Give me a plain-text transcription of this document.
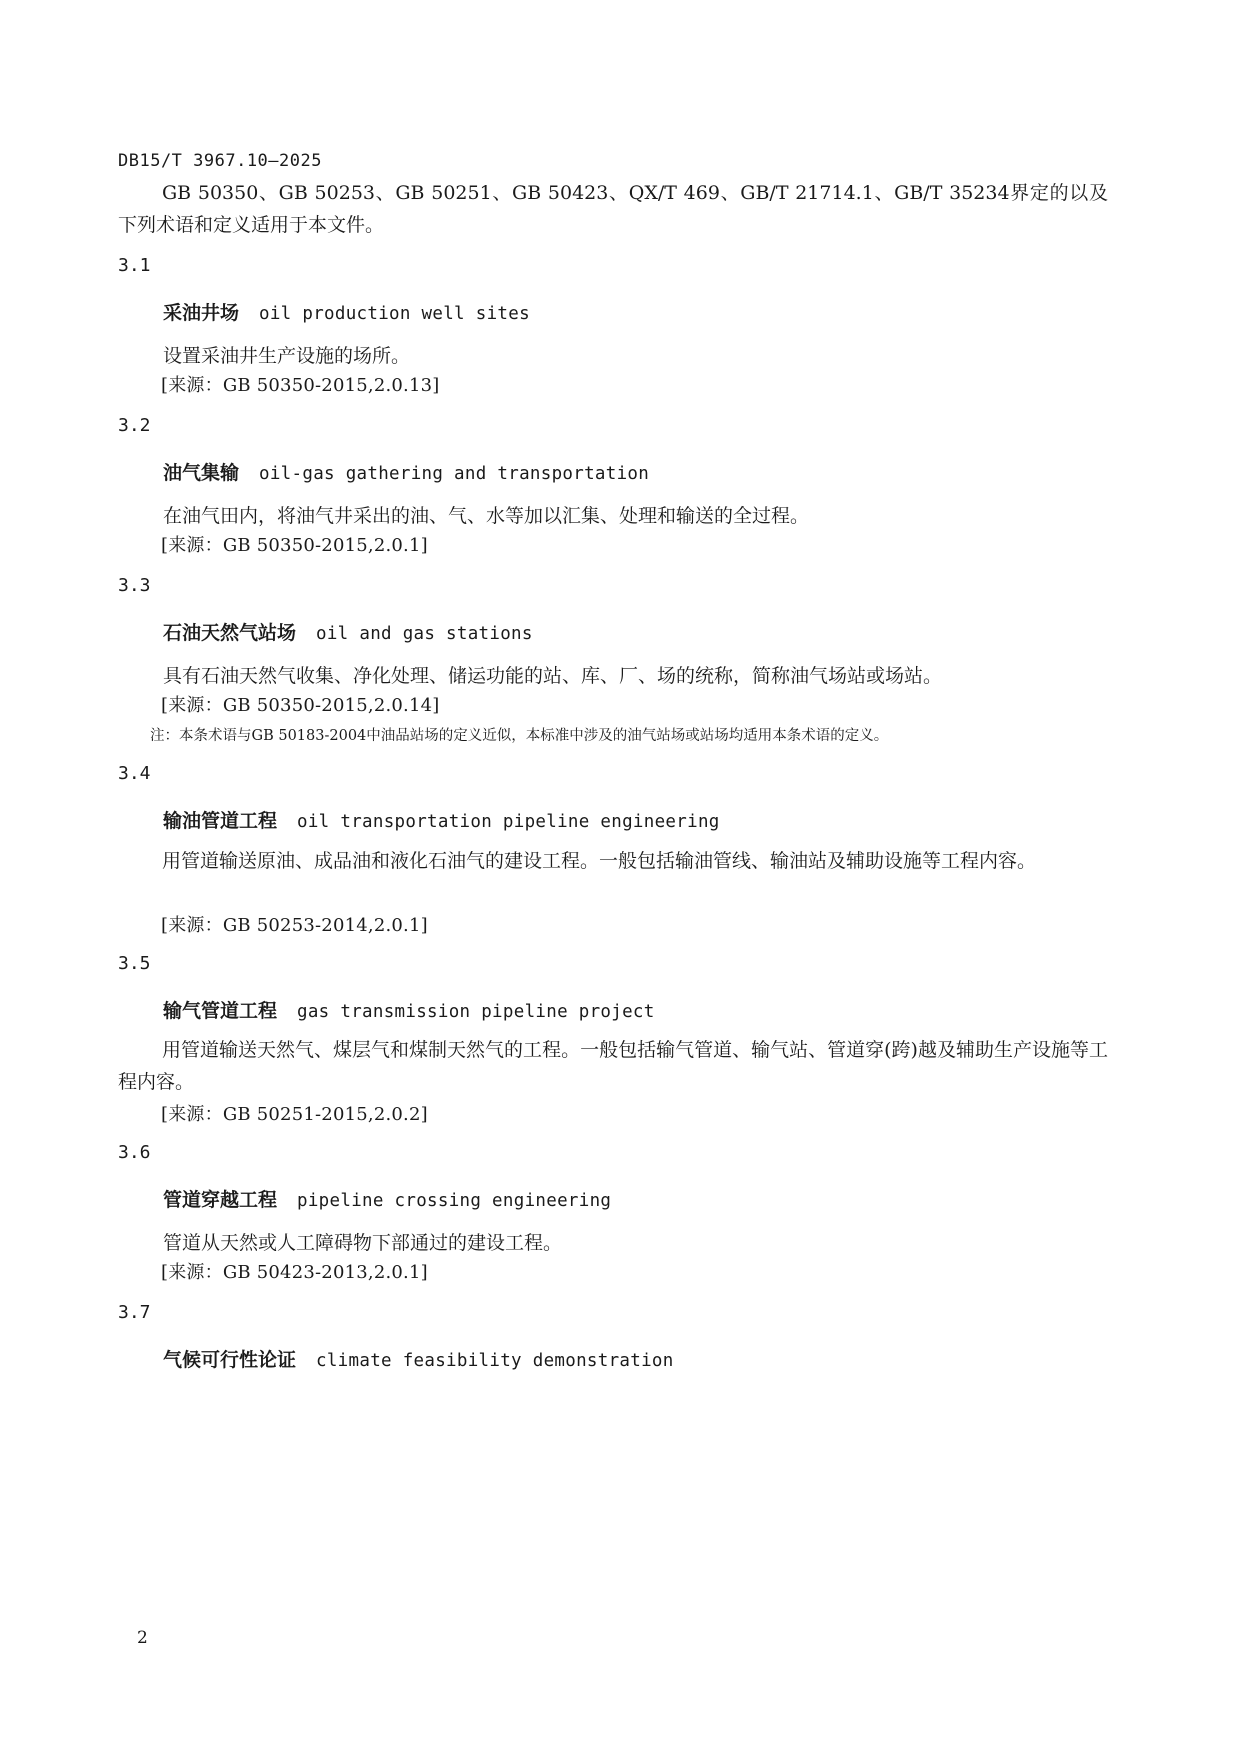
DB15/T 3967.10—2025
GB 50350、GB 50253、GB 50251、GB 50423、QX/T 469、GB/T 21714.1、GB/T 35234界定的以及下列术语和定义适用于本文件。
3.1
采油井场 oil production well sites
设置采油井生产设施的场所。
[来源：GB 50350-2015,2.0.13]
3.2
油气集输 oil-gas gathering and transportation
在油气田内，将油气井采出的油、气、水等加以汇集、处理和输送的全过程。
[来源：GB 50350-2015,2.0.1]
3.3
石油天然气站场 oil and gas stations
具有石油天然气收集、净化处理、储运功能的站、库、厂、场的统称，简称油气场站或场站。
[来源：GB 50350-2015,2.0.14]
注：本条术语与GB 50183-2004中油品站场的定义近似，本标准中涉及的油气站场或站场均适用本条术语的定义。
3.4
输油管道工程 oil transportation pipeline engineering
用管道输送原油、成品油和液化石油气的建设工程。一般包括输油管线、输油站及辅助设施等工程内容。
[来源：GB 50253-2014,2.0.1]
3.5
输气管道工程 gas transmission pipeline project
用管道输送天然气、煤层气和煤制天然气的工程。一般包括输气管道、输气站、管道穿(跨)越及辅助生产设施等工程内容。
[来源：GB 50251-2015,2.0.2]
3.6
管道穿越工程 pipeline crossing engineering
管道从天然或人工障碍物下部通过的建设工程。
[来源：GB 50423-2013,2.0.1]
3.7
气候可行性论证 climate feasibility demonstration
2
